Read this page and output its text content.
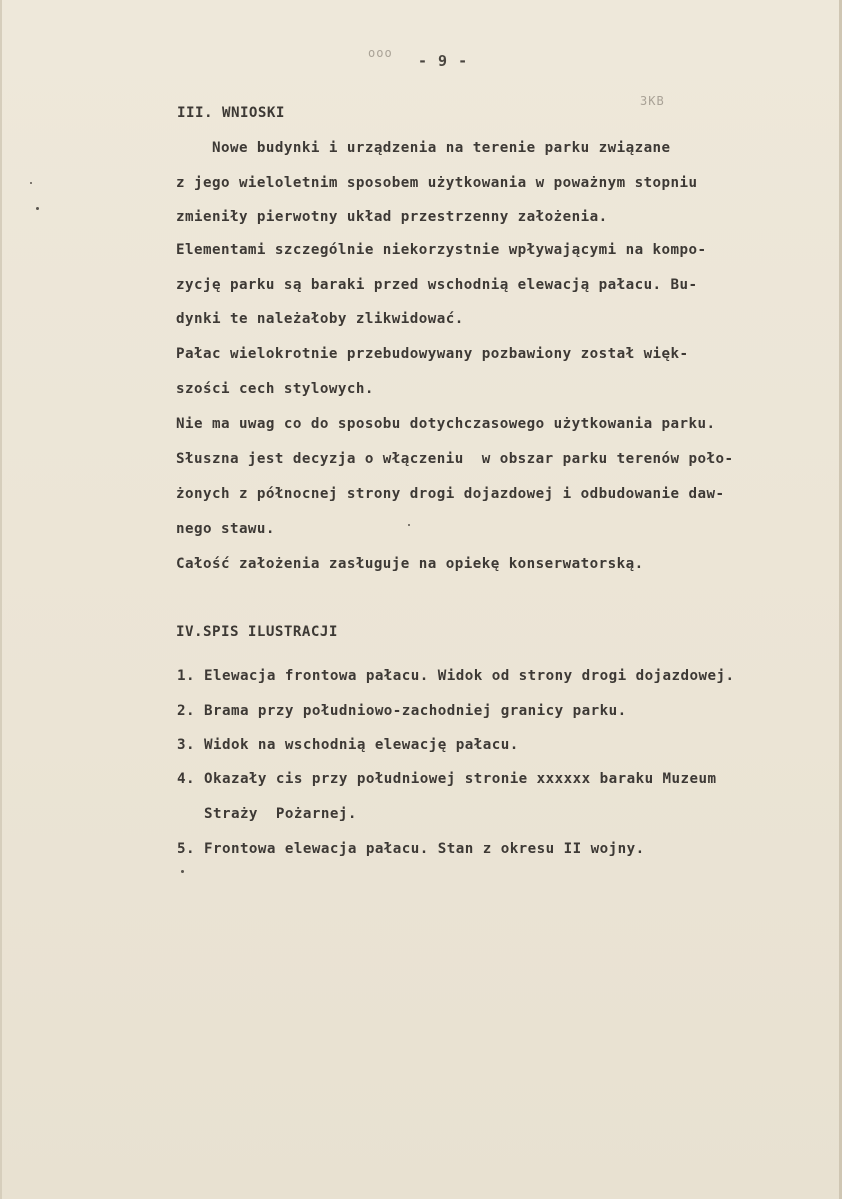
ооо
ЗКВ
- 9 -
III. WNIOSKI
Nowe budynki i urządzenia na terenie parku związane
z jego wieloletnim sposobem użytkowania w poważnym stopniu
zmieniły pierwotny układ przestrzenny założenia.
Elementami szczególnie niekorzystnie wpływającymi na kompo-
zycję parku są baraki przed wschodnią elewacją pałacu. Bu-
dynki te należałoby zlikwidować.
Pałac wielokrotnie przebudowywany pozbawiony został więk-
szości cech stylowych.
Nie ma uwag co do sposobu dotychczasowego użytkowania parku.
Słuszna jest decyzja o włączeniu  w obszar parku terenów poło-
żonych z północnej strony drogi dojazdowej i odbudowanie daw-
nego stawu.
Całość założenia zasługuje na opiekę konserwatorską.
IV.SPIS ILUSTRACJI
1. Elewacja frontowa pałacu. Widok od strony drogi dojazdowej.
2. Brama przy południowo-zachodniej granicy parku.
3. Widok na wschodnią elewację pałacu.
4. Okazały cis przy południowej stronie xxxxxx baraku Muzeum
Straży  Pożarnej.
5. Frontowa elewacja pałacu. Stan z okresu II wojny.
